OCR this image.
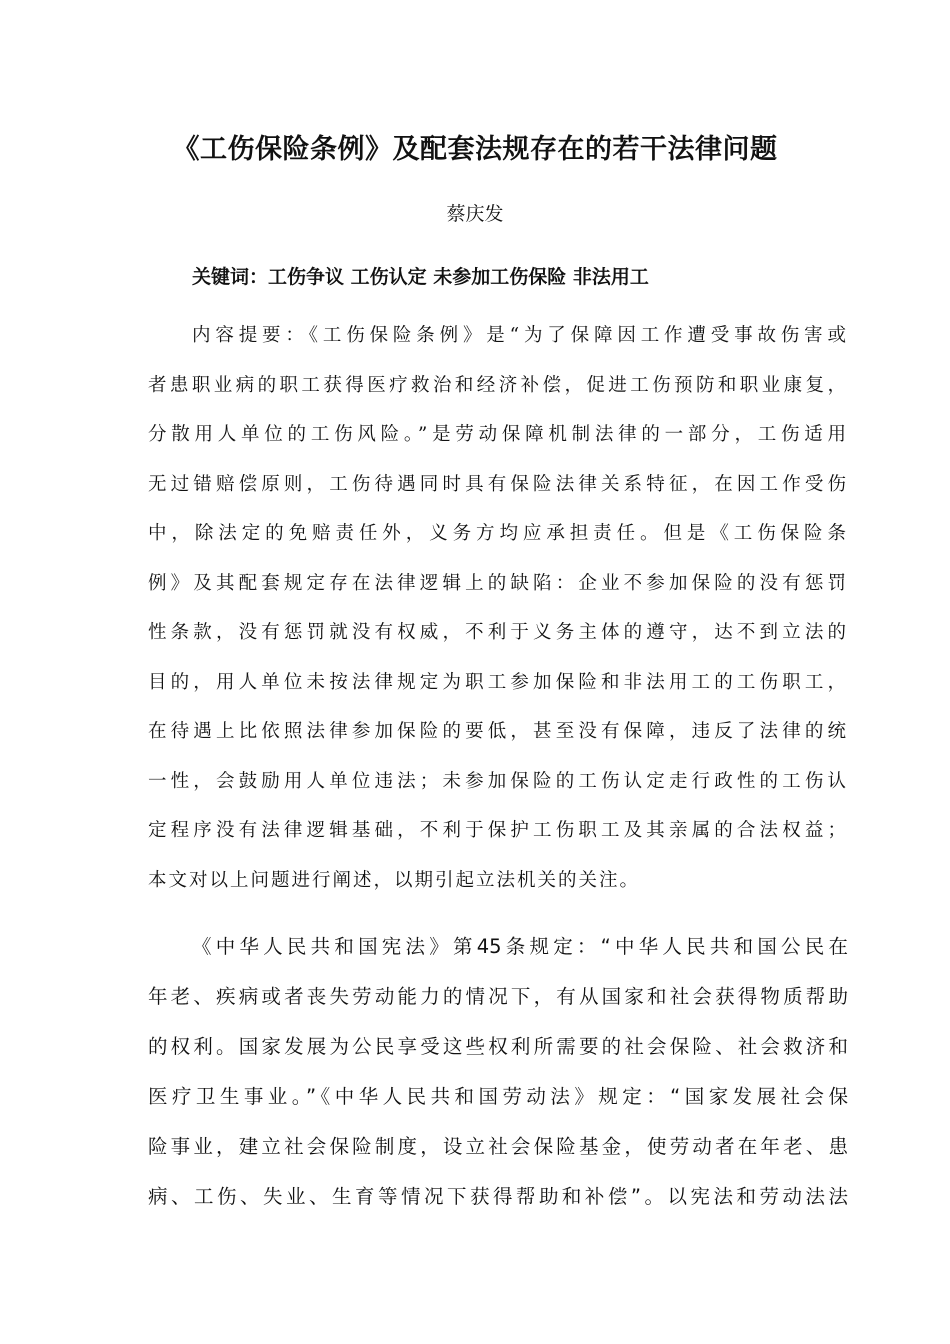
《工伤保险条例》及配套法规存在的若干法律问题
蔡庆发
关键词：工伤争议 工伤认定 未参加工伤保险 非法用工
内容提要：《工伤保险条例》是“为了保障因工作遭受事故伤害或
者患职业病的职工获得医疗救治和经济补偿，促进工伤预防和职业康复，
分散用人单位的工伤风险。”是劳动保障机制法律的一部分，工伤适用
无过错赔偿原则，工伤待遇同时具有保险法律关系特征，在因工作受伤
中，除法定的免赔责任外，义务方均应承担责任。但是《工伤保险条
例》及其配套规定存在法律逻辑上的缺陷：企业不参加保险的没有惩罚
性条款，没有惩罚就没有权威，不利于义务主体的遵守，达不到立法的
目的，用人单位未按法律规定为职工参加保险和非法用工的工伤职工，
在待遇上比依照法律参加保险的要低，甚至没有保障，违反了法律的统
一性，会鼓励用人单位违法；未参加保险的工伤认定走行政性的工伤认
定程序没有法律逻辑基础，不利于保护工伤职工及其亲属的合法权益；
本文对以上问题进行阐述，以期引起立法机关的关注。
《中华人民共和国宪法》第45条规定：“中华人民共和国公民在
年老、疾病或者丧失劳动能力的情况下，有从国家和社会获得物质帮助
的权利。国家发展为公民享受这些权利所需要的社会保险、社会救济和
医疗卫生事业。”《中华人民共和国劳动法》规定：“国家发展社会保
险事业，建立社会保险制度，设立社会保险基金，使劳动者在年老、患
病、工伤、失业、生育等情况下获得帮助和补偿”。以宪法和劳动法法
